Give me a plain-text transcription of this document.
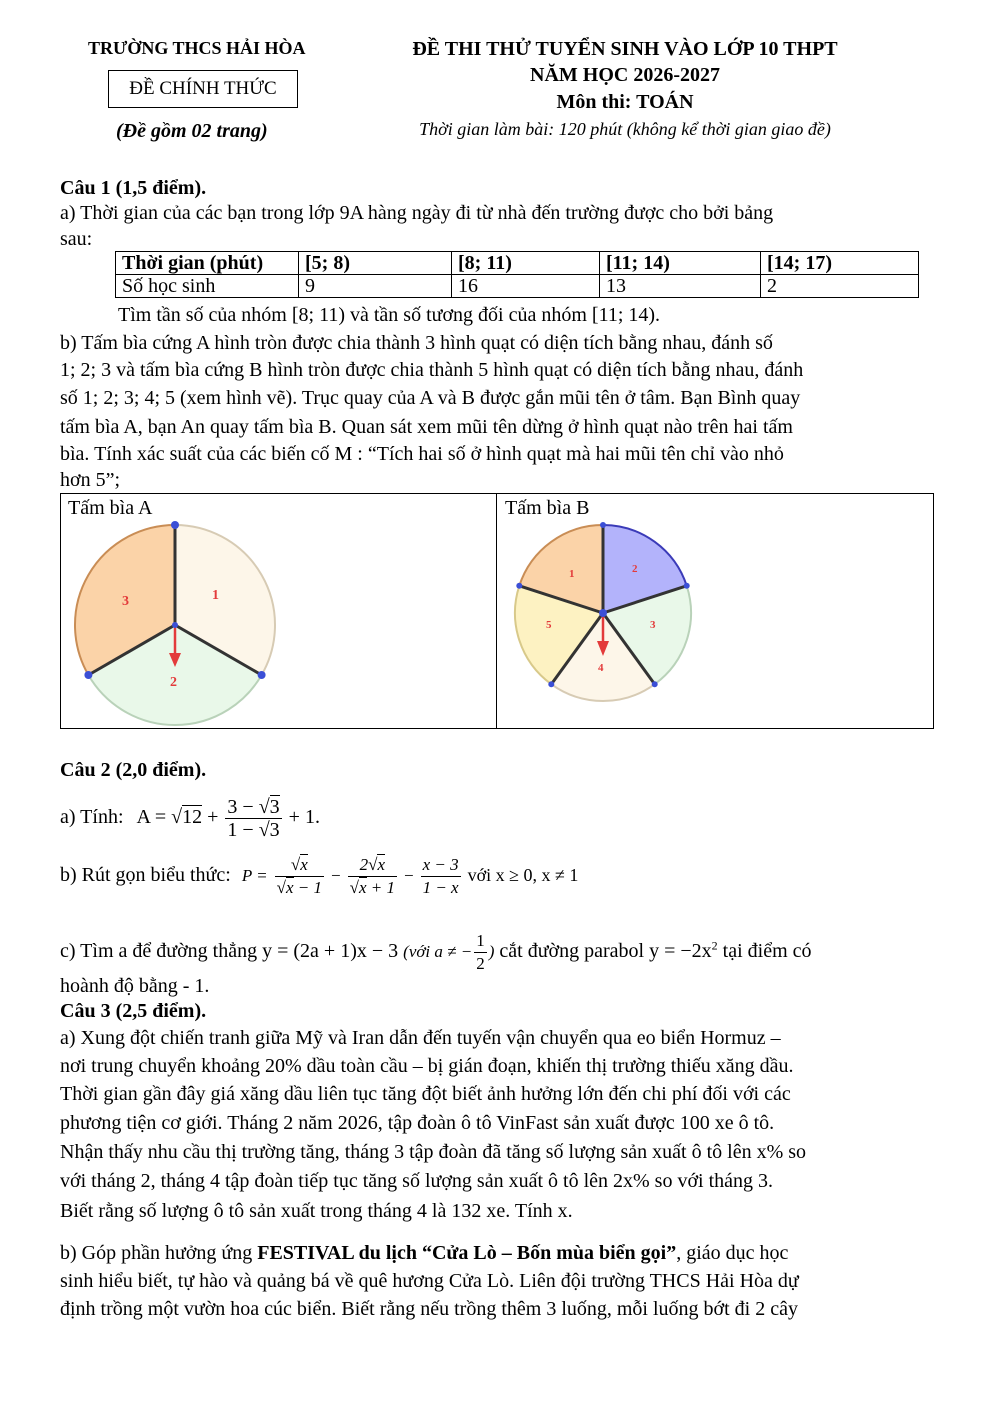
TRƯỜNG THCS HẢI HÒA
ĐỀ CHÍNH THỨC
(Đề gồm 02 trang)
ĐỀ THI THỬ TUYỂN SINH VÀO LỚP 10 THPT
NĂM HỌC 2026-2027
Môn thi: TOÁN
Thời gian làm bài: 120 phút (không kể thời gian giao đề)
Câu 1 (1,5 điểm).
a) Thời gian của các bạn trong lớp 9A hàng ngày đi từ nhà đến trường được cho bởi bảng
sau:
Thời gian (phút)	[5; 8)	[8; 11)	[11; 14)	[14; 17)
Số học sinh	9	16	13	2
Tìm tần số của nhóm [8; 11) và tần số tương đối của nhóm [11; 14).
b) Tấm bìa cứng A hình tròn được chia thành 3 hình quạt có diện tích bằng nhau, đánh số
1; 2; 3 và tấm bìa cứng B hình tròn được chia thành 5 hình quạt có diện tích bằng nhau, đánh
số 1; 2; 3; 4; 5 (xem hình vẽ). Trục quay của A và B được gắn mũi tên ở tâm. Bạn Bình quay
tấm bìa A, bạn An quay tấm bìa B. Quan sát xem mũi tên dừng ở hình quạt nào trên hai tấm
bìa. Tính xác suất của các biến cố M : “Tích hai số ở hình quạt mà hai mũi tên chỉ vào nhỏ
hơn 5”;
Tấm bìa A	Tấm bìa B
1
2
3
1	2
3
4
5
Câu 2 (2,0 điểm).
a) Tính: $A = √12 + \frac{3 - √3}{1 - √3} + 1$.
b) Rút gọn biểu thức: $P = \frac{√x}{√x - 1} - \frac{2√x}{√x + 1} - \frac{x - 3}{1 - x}$ với x ≥ 0, x ≠ 1
c) Tìm a để đường thẳng y = (2a + 1)x − 3 (với a ≠ − $\frac{1}{2}$ ) cắt đường parabol $y = -2x^2$ tại điểm có
hoành độ bằng - 1.
Câu 3 (2,5 điểm).
a) Xung đột chiến tranh giữa Mỹ và Iran dẫn đến tuyến vận chuyển qua eo biển Hormuz –
nơi trung chuyển khoảng 20% dầu toàn cầu – bị gián đoạn, khiến thị trường thiếu xăng dầu.
Thời gian gần đây giá xăng dầu liên tục tăng đột biết ảnh hưởng lớn đến chi phí đối với các
phương tiện cơ giới. Tháng 2 năm 2026, tập đoàn ô tô VinFast sản xuất được 100 xe ô tô.
Nhận thấy nhu cầu thị trường tăng, tháng 3 tập đoàn đã tăng số lượng sản xuất ô tô lên x% so
với tháng 2, tháng 4 tập đoàn tiếp tục tăng số lượng sản xuất ô tô lên 2x% so với tháng 3.
Biết rằng số lượng ô tô sản xuất trong tháng 4 là 132 xe. Tính x.
b) Góp phần hưởng ứng FESTIVAL du lịch “Cửa Lò – Bốn mùa biển gọi”, giáo dục học
sinh hiểu biết, tự hào và quảng bá về quê hương Cửa Lò. Liên đội trường THCS Hải Hòa dự
định trồng một vườn hoa cúc biển. Biết rằng nếu trồng thêm 3 luống, mỗi luống bớt đi 2 cây
